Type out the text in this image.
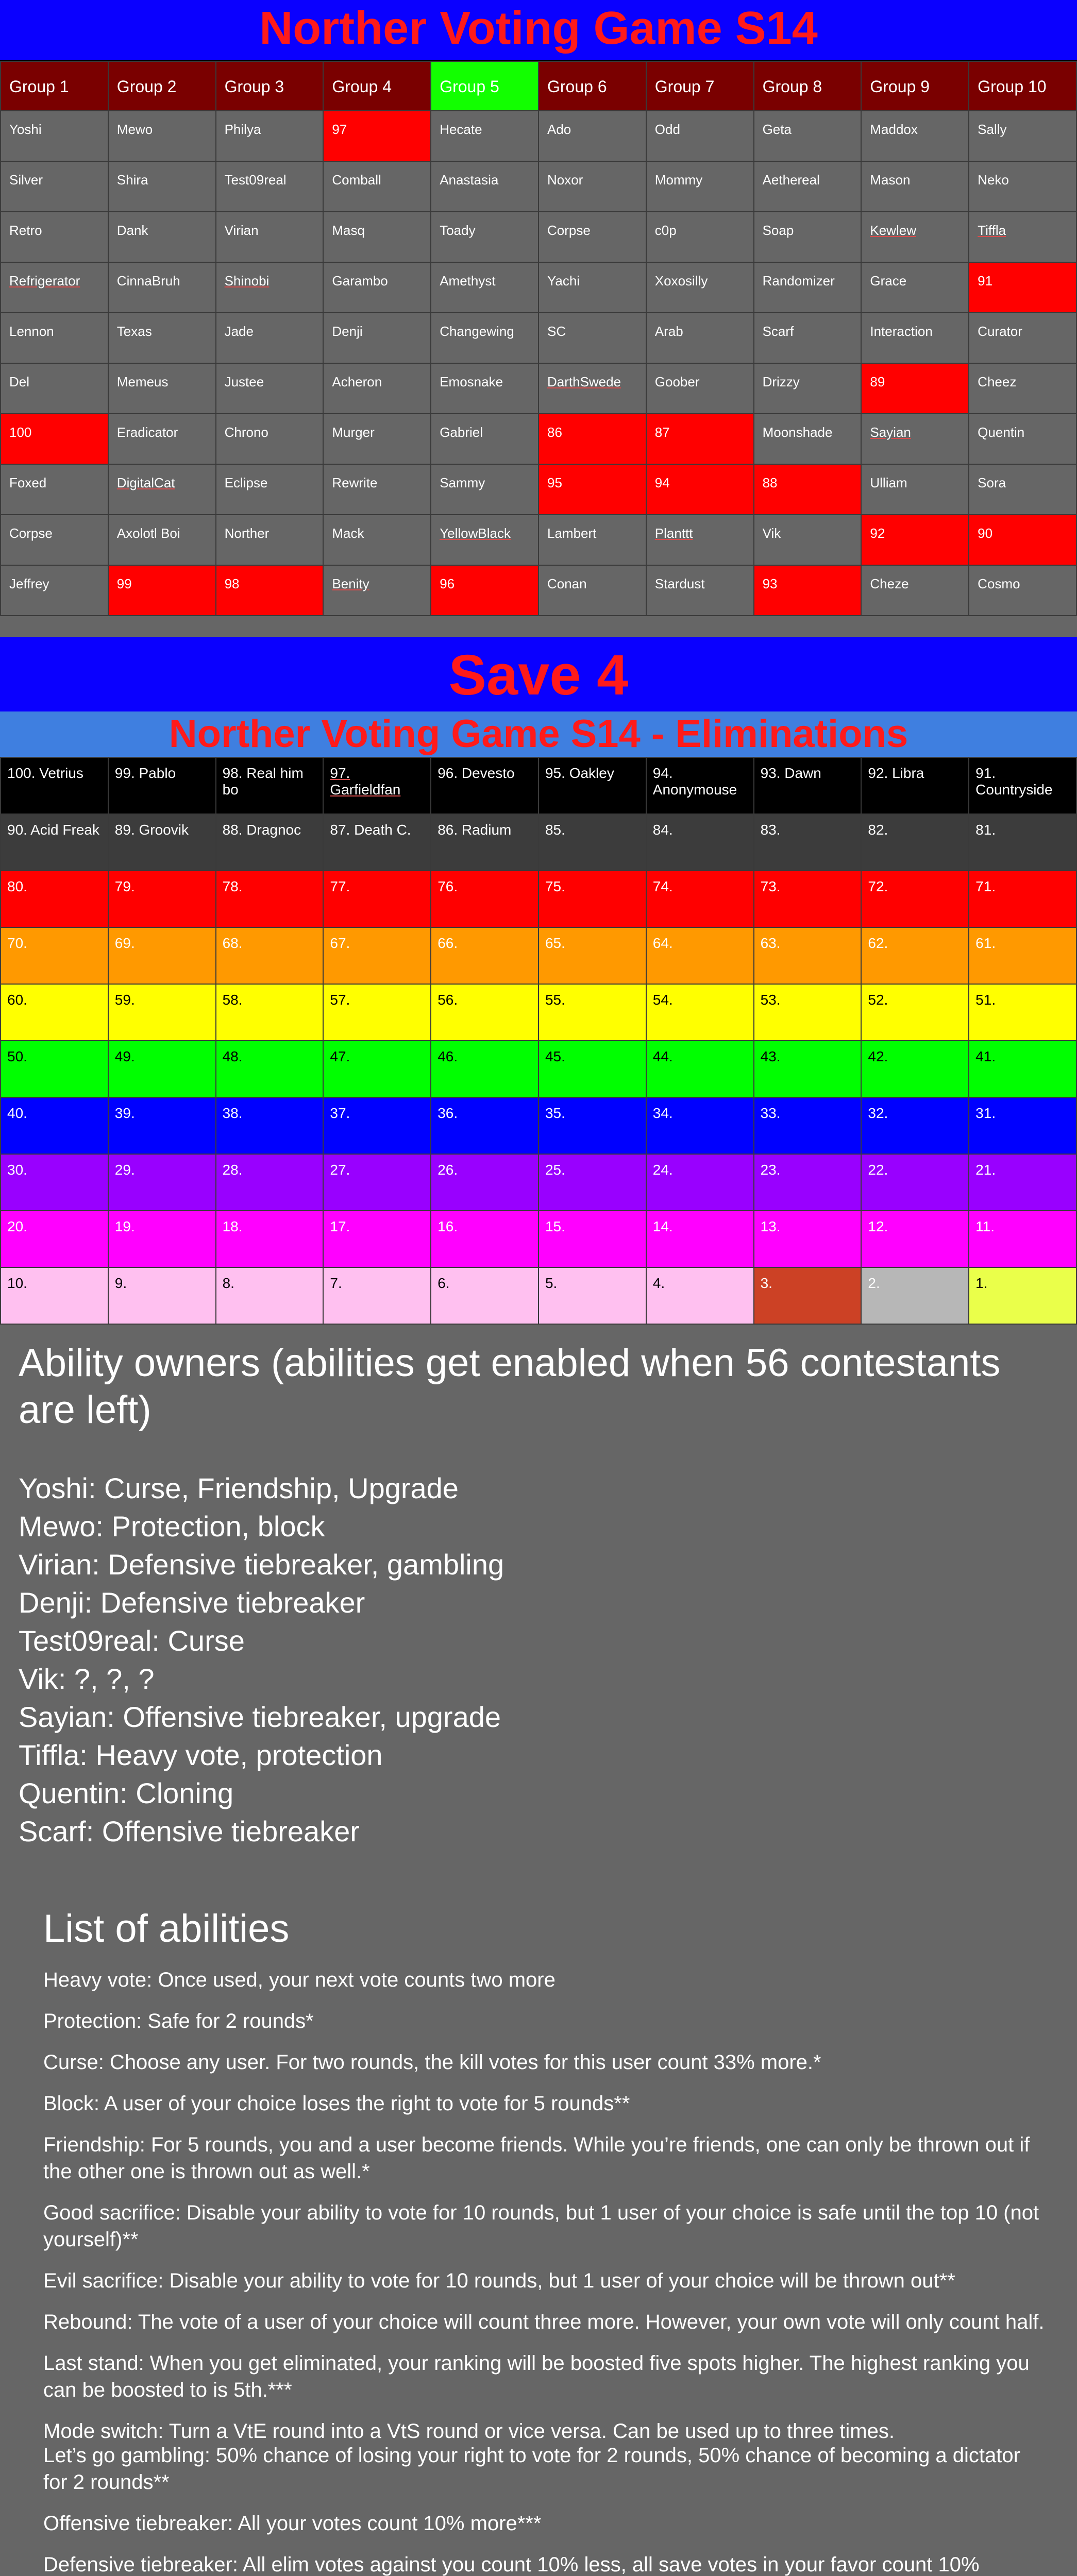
Norther Voting Game S14
Group 1	Group 2	Group 3	Group 4	Group 5	Group 6	Group 7	Group 8	Group 9	Group 10
Yoshi	Mewo	Philya	97	Hecate	Ado	Odd	Geta	Maddox	Sally
Silver	Shira	Test09real	Comball	Anastasia	Noxor	Mommy	Aethereal	Mason	Neko
Retro	Dank	Virian	Masq	Toady	Corpse	c0p	Soap	Kewlew	Tiffla
Refrigerator	CinnaBruh	Shinobi	Garambo	Amethyst	Yachi	Xoxosilly	Randomizer	Grace	91
Lennon	Texas	Jade	Denji	Changewing	SC	Arab	Scarf	Interaction	Curator
Del	Memeus	Justee	Acheron	Emosnake	DarthSwede	Goober	Drizzy	89	Cheez
100	Eradicator	Chrono	Murger	Gabriel	86	87	Moonshade	Sayian	Quentin
Foxed	DigitalCat	Eclipse	Rewrite	Sammy	95	94	88	Ulliam	Sora
Corpse	Axolotl Boi	Norther	Mack	YellowBlack	Lambert	Planttt	Vik	92	90
Jeffrey	99	98	Benity	96	Conan	Stardust	93	Cheze	Cosmo
Save 4
Norther Voting Game S14 - Eliminations
100. Vetrius	99. Pablo	98. Real him bo	97. Garfieldfan	96. Devesto	95. Oakley	94. Anonymouse	93. Dawn	92. Libra	91. Countryside
90. Acid Freak	89. Groovik	88. Dragnoc	87. Death C.	86. Radium	85.	84.	83.	82.	81.
80.	79.	78.	77.	76.	75.	74.	73.	72.	71.
70.	69.	68.	67.	66.	65.	64.	63.	62.	61.
60.	59.	58.	57.	56.	55.	54.	53.	52.	51.
50.	49.	48.	47.	46.	45.	44.	43.	42.	41.
40.	39.	38.	37.	36.	35.	34.	33.	32.	31.
30.	29.	28.	27.	26.	25.	24.	23.	22.	21.
20.	19.	18.	17.	16.	15.	14.	13.	12.	11.
10.	9.	8.	7.	6.	5.	4.	3.	2.	1.
Ability owners (abilities get enabled when 56 contestants are left)
Yoshi: Curse, Friendship, Upgrade
Mewo: Protection, block
Virian: Defensive tiebreaker, gambling
Denji: Defensive tiebreaker
Test09real: Curse
Vik: ?, ?, ?
Sayian: Offensive tiebreaker, upgrade
Tiffla: Heavy vote, protection
Quentin: Cloning
Scarf: Offensive tiebreaker
List of abilities

Heavy vote: Once used, your next vote counts two more

Protection: Safe for 2 rounds*

Curse: Choose any user. For two rounds, the kill votes for this user count 33% more.*

Block: A user of your choice loses the right to vote for 5 rounds**

Friendship: For 5 rounds, you and a user become friends. While you’re friends, one can only be thrown out if the other one is thrown out as well.*

Good sacrifice: Disable your ability to vote for 10 rounds, but 1 user of your choice is safe until the top 10 (not yourself)**

Evil sacrifice: Disable your ability to vote for 10 rounds, but 1 user of your choice will be thrown out**

Rebound: The vote of a user of your choice will count three more. However, your own vote will only count half.

Last stand: When you get eliminated, your ranking will be boosted five spots higher. The highest ranking you can be boosted to is 5th.***

Mode switch: Turn a VtE round into a VtS round or vice versa. Can be used up to three times.

Let’s go gambling: 50% chance of losing your right to vote for 2 rounds, 50% chance of becoming a dictator for 2 rounds**

Offensive tiebreaker: All your votes count 10% more***

Defensive tiebreaker: All elim votes against you count 10% less, all save votes in your favor count 10%
